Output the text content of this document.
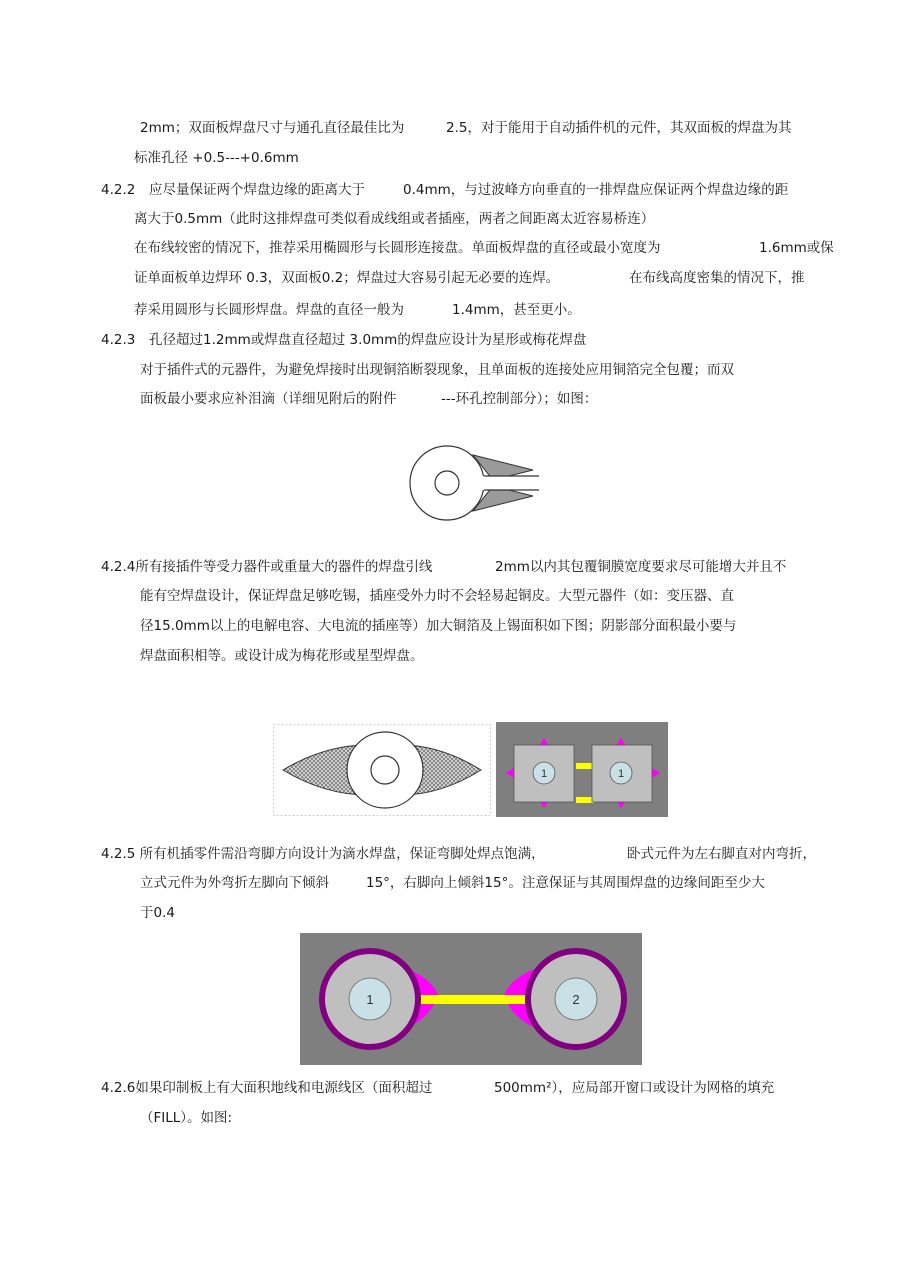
2mm；双面板焊盘尺寸与通孔直径最佳比为	2.5，对于能用于自动插件机的元件，其双面板的焊盘为其
标准孔径 +0.5---+0.6mm
4.2.2 应尽量保证两个焊盘边缘的距离大于	0.4mm，与过波峰方向垂直的一排焊盘应保证两个焊盘边缘的距
离大于0.5mm（此时这排焊盘可类似看成线组或者插座，两者之间距离太近容易桥连）
在布线较密的情况下，推荐采用椭圆形与长圆形连接盘。单面板焊盘的直径或最小宽度为	1.6mm或保
证单面板单边焊环 0.3，双面板0.2；焊盘过大容易引起无必要的连焊。	在布线高度密集的情况下，推
荐采用圆形与长圆形焊盘。焊盘的直径一般为	1.4mm，甚至更小。
4.2.3 孔径超过1.2mm或焊盘直径超过 3.0mm的焊盘应设计为星形或梅花焊盘
对于插件式的元器件，为避免焊接时出现铜箔断裂现象，且单面板的连接处应用铜箔完全包覆；而双
面板最小要求应补泪滴（详细见附后的附件	---环孔控制部分）；如图：
4.2.4所有接插件等受力器件或重量大的器件的焊盘引线	2mm以内其包覆铜膜宽度要求尽可能增大并且不
能有空焊盘设计，保证焊盘足够吃锡，插座受外力时不会轻易起铜皮。大型元器件（如：变压器、直
径15.0mm以上的电解电容、大电流的插座等）加大铜箔及上锡面积如下图；阴影部分面积最小要与
焊盘面积相等。或设计成为梅花形或星型焊盘。
1	1
4.2.5 所有机插零件需沿弯脚方向设计为滴水焊盘，保证弯脚处焊点饱满，	卧式元件为左右脚直对内弯折，
立式元件为外弯折左脚向下倾斜	15°，右脚向上倾斜15°。注意保证与其周围焊盘的边缘间距至少大
于0.4
1	2
4.2.6如果印制板上有大面积地线和电源线区（面积超过	500mm²），应局部开窗口或设计为网格的填充
（FILL）。如图:
